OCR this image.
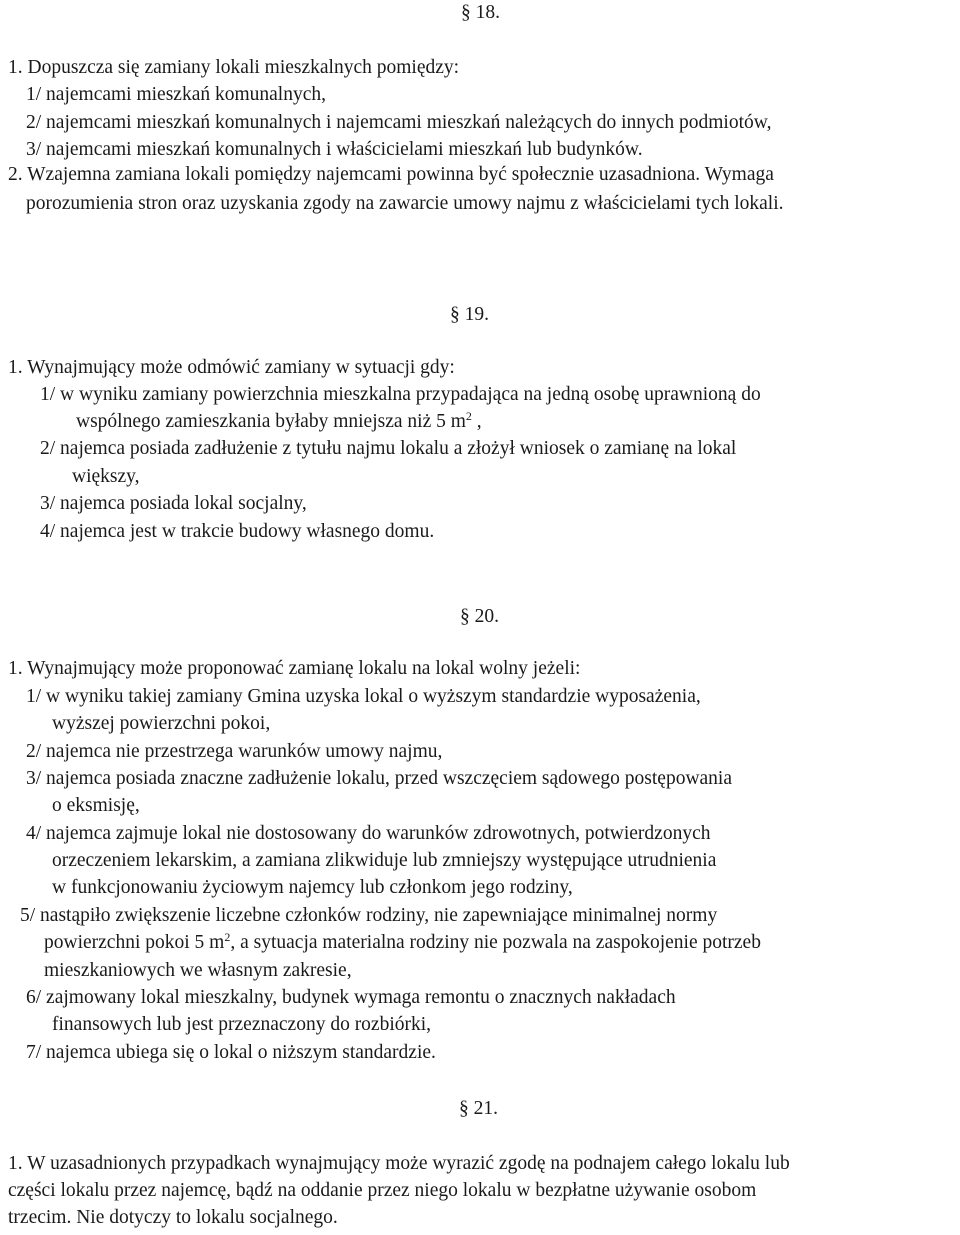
§ 18.
1. Dopuszcza się zamiany lokali mieszkalnych pomiędzy:
1/ najemcami mieszkań komunalnych,
2/ najemcami mieszkań komunalnych i najemcami mieszkań należących do innych podmiotów,
3/ najemcami mieszkań komunalnych i właścicielami mieszkań lub budynków.
2. Wzajemna zamiana lokali pomiędzy najemcami powinna być społecznie uzasadniona. Wymaga
porozumienia stron oraz uzyskania zgody na zawarcie umowy najmu z właścicielami tych lokali.
§ 19.
1. Wynajmujący może odmówić zamiany w sytuacji gdy:
1/ w wyniku zamiany powierzchnia mieszkalna przypadająca na jedną osobę uprawnioną do
wspólnego zamieszkania byłaby mniejsza niż 5 $m^2$ ,
2/ najemca posiada zadłużenie z tytułu najmu lokalu a złożył wniosek o zamianę na lokal
większy,
3/ najemca posiada lokal socjalny,
4/ najemca jest w trakcie budowy własnego domu.
§ 20.
1. Wynajmujący może proponować zamianę lokalu na lokal wolny jeżeli:
1/ w wyniku takiej zamiany Gmina uzyska lokal o wyższym standardzie wyposażenia,
wyższej powierzchni pokoi,
2/ najemca nie przestrzega warunków umowy najmu,
3/ najemca posiada znaczne zadłużenie lokalu, przed wszczęciem sądowego postępowania
o eksmisję,
4/ najemca zajmuje lokal nie dostosowany do warunków zdrowotnych, potwierdzonych
orzeczeniem lekarskim, a zamiana zlikwiduje lub zmniejszy występujące utrudnienia
w funkcjonowaniu życiowym najemcy lub członkom jego rodziny,
5/ nastąpiło zwiększenie liczebne członków rodziny, nie zapewniające minimalnej normy
powierzchni pokoi 5 $m^2$, a sytuacja materialna rodziny nie pozwala na zaspokojenie potrzeb
mieszkaniowych we własnym zakresie,
6/ zajmowany lokal mieszkalny, budynek wymaga remontu o znacznych nakładach
finansowych lub jest przeznaczony do rozbiórki,
7/ najemca ubiega się o lokal o niższym standardzie.
§ 21.
1. W uzasadnionych przypadkach wynajmujący może wyrazić zgodę na podnajem całego lokalu lub
części lokalu przez najemcę, bądź na oddanie przez niego lokalu w bezpłatne używanie osobom
trzecim. Nie dotyczy to lokalu socjalnego.
